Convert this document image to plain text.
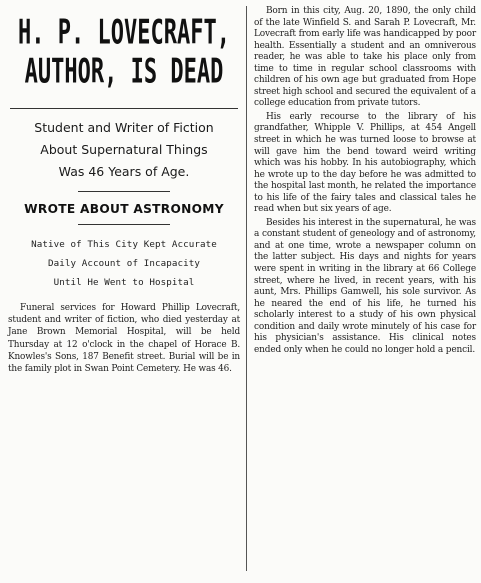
H. P. LOVECRAFT,
AUTHOR, IS DEAD

Student and Writer of Fiction

About Supernatural Things

Was 46 Years of Age.

WROTE ABOUT ASTRONOMY

Native of This City Kept Accurate

Daily Account of Incapacity

Until He Went to Hospital

Funeral services for Howard Phillip Lovecraft, student and writer of fiction, who died yesterday at Jane Brown Memorial Hospital, will be held Thursday at 12 o'clock in the chapel of Horace B. Knowles's Sons, 187 Benefit street. Burial will be in the family plot in Swan Point Cemetery. He was 46.

Born in this city, Aug. 20, 1890, the only child of the late Winfield S. and Sarah P. Lovecraft, Mr. Lovecraft from early life was handicapped by poor health. Essentially a student and an omniverous reader, he was able to take his place only from time to time in regular school classrooms with children of his own age but graduated from Hope street high school and secured the equivalent of a college education from private tutors.

His early recourse to the library of his grandfather, Whipple V. Phillips, at 454 Angell street in which he was turned loose to browse at will gave him the bend toward weird writing which was his hobby. In his autobiography, which he wrote up to the day before he was admitted to the hospital last month, he related the importance to his life of the fairy tales and classical tales he read when but six years of age.

Besides his interest in the supernatural, he was a constant student of geneology and of astronomy, and at one time, wrote a newspaper column on the latter subject. His days and nights for years were spent in writing in the library at 66 College street, where he lived, in recent years, with his aunt, Mrs. Phillips Gamwell, his sole survivor. As he neared the end of his life, he turned his scholarly interest to a study of his own physical condition and daily wrote minutely of his case for his physician's assistance. His clinical notes ended only when he could no longer hold a pencil.
